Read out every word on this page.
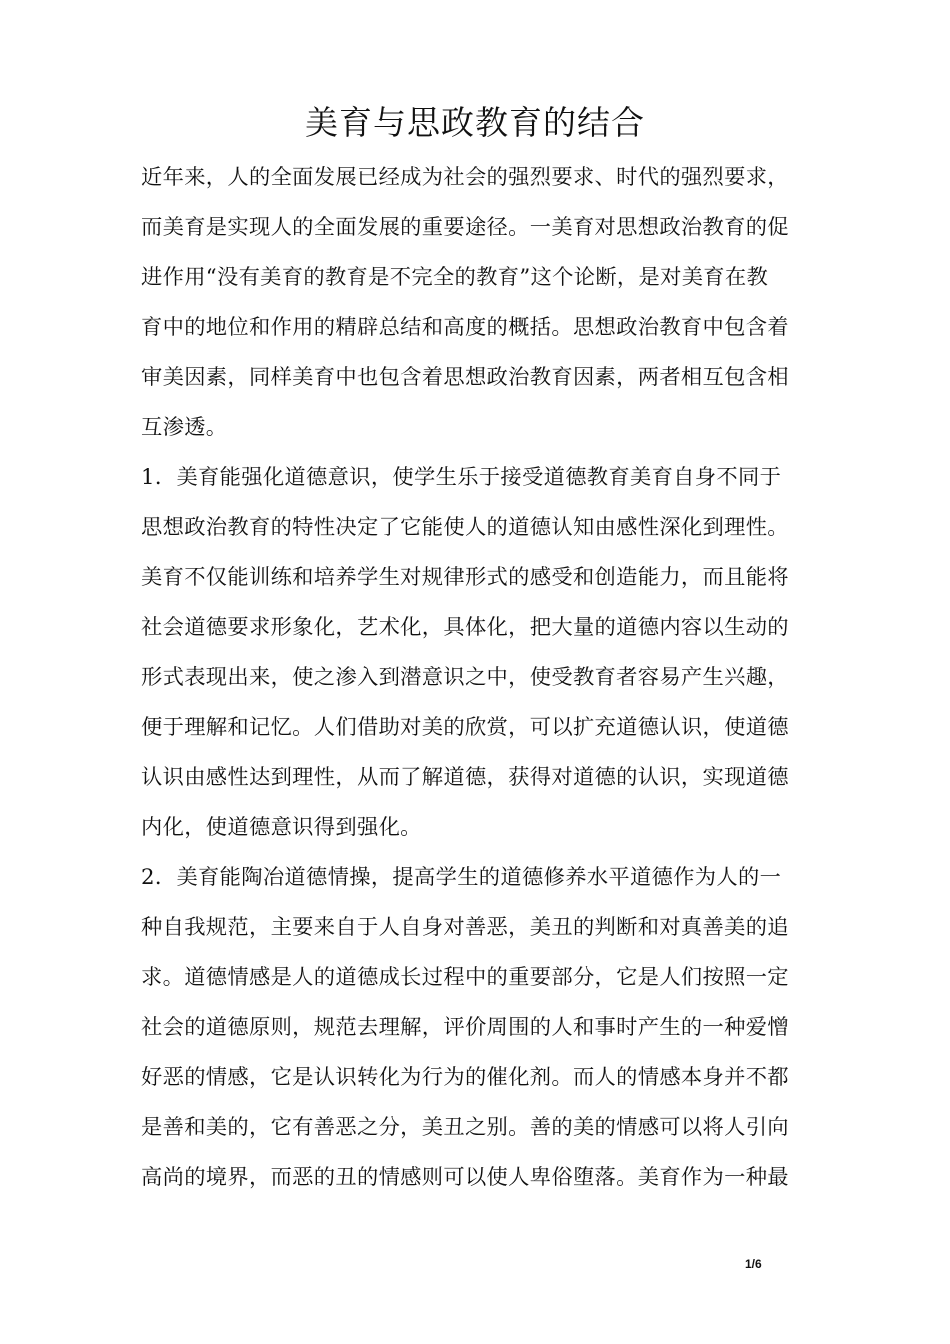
美育与思政教育的结合
近年来，人的全面发展已经成为社会的强烈要求、时代的强烈要求，
而美育是实现人的全面发展的重要途径。一美育对思想政治教育的促
进作用“没有美育的教育是不完全的教育”这个论断，是对美育在教
育中的地位和作用的精辟总结和高度的概括。思想政治教育中包含着
审美因素，同样美育中也包含着思想政治教育因素，两者相互包含相
互渗透。
1．美育能强化道德意识，使学生乐于接受道德教育美育自身不同于
思想政治教育的特性决定了它能使人的道德认知由感性深化到理性。
美育不仅能训练和培养学生对规律形式的感受和创造能力，而且能将
社会道德要求形象化，艺术化，具体化，把大量的道德内容以生动的
形式表现出来，使之渗入到潜意识之中，使受教育者容易产生兴趣，
便于理解和记忆。人们借助对美的欣赏，可以扩充道德认识，使道德
认识由感性达到理性，从而了解道德，获得对道德的认识，实现道德
内化，使道德意识得到强化。
2．美育能陶冶道德情操，提高学生的道德修养水平道德作为人的一
种自我规范，主要来自于人自身对善恶，美丑的判断和对真善美的追
求。道德情感是人的道德成长过程中的重要部分，它是人们按照一定
社会的道德原则，规范去理解，评价周围的人和事时产生的一种爱憎
好恶的情感，它是认识转化为行为的催化剂。而人的情感本身并不都
是善和美的，它有善恶之分，美丑之别。善的美的情感可以将人引向
高尚的境界，而恶的丑的情感则可以使人卑俗堕落。美育作为一种最
1/6
